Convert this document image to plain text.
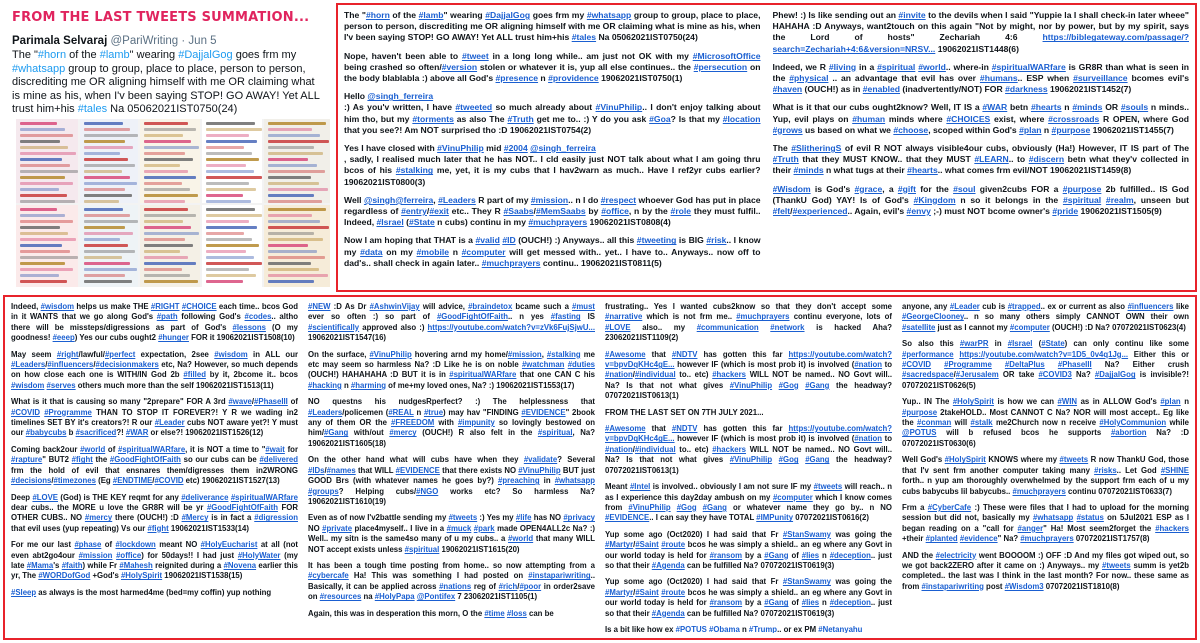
FROM THE LAST TWEETS SUMMATION...
Parimala Selvaraj @PariWriting · Jun 5
The "#horn of the #lamb" wearing #DajjalGog goes frm my #whatsapp group to group, place to place, person to person, discrediting me OR aligning himself with me OR claiming what is mine as his, when I'v been saying STOP! GO AWAY! Yet ALL trust him+his #tales Na 05062021IST0750(24)
The "#horn of the #lamb" wearing #DajjalGog goes frm my #whatsapp group to group, place to place, person to person, discrediting me OR aligning himself with me OR claiming what is mine as his, when I'v been saying STOP! GO AWAY! Yet ALL trust him+his #tales Na 05062021IST0750(24)
Nope, haven't been able to #tweet in a long long while.. am just not OK with my #MicrosoftOffice being crashed so often/#version stolen or whatever it is, yup all else continues.. the #persecution on the body blablabla :) above all God's #presence n #providence 19062021IST0750(1)
Hello @singh_ferreira
:) As you'v written, I have #tweeted so much already about #VinuPhilip.. I don't enjoy talking about him tho, but my #torments as also The #Truth get me to.. :) Y do you ask #Goa? Is that my #location that you see?! Am NOT surprised tho :D 19062021IST0754(2)
Yes I have closed with #VinuPhilip mid #2004 @singh_ferreira
, sadly, I realised much later that he has NOT.. I cld easily just NOT talk about what I am going thru bcos of his #stalking me, yet, it is my cubs that I hav2warn as much.. Have I ref2yr cubs earlier? 19062021IST0800(3)
Well @singh@ferreira, #Leaders R part of my #mission.. n I do #respect whoever God has put in place regardless of #entry/#exit etc.. They R #Saabs/#MemSaabs by #office, n by the #role they must fulfil.. Indeed, #Israel (#State n cubs) continu in my #muchprayers 19062021IST0808(4)
Now I am hoping that THAT is a #valid #ID (OUCH!) :) Anyways.. all this #tweeting is BIG #risk.. I know my #data on my #mobile n #computer will get messed with.. yet.. I have to.. Anyways.. now off to dad's.. shall check in again later.. #muchprayers continu.. 19062021IST0811(5)
Phew! :) Is like sending out an #invite to the devils when I said "Yuppie la I shall check-in later wheee" HAHAHA :D Anyways, want2touch on this again "Not by might, nor by power, but by my spirit, says the Lord of hosts" Zechariah 4:6 https://biblegateway.com/passage/?search=Zechariah+4:6&version=NRSV... 19062021IST1448(6)
Indeed, we R #living in a #spiritual #world.. where-in #spiritualWARfare is GR8R than what is seen in the #physical .. an advantage that evil has over #humans.. ESP when #surveillance bcomes evil's #haven (OUCH!) as in #enabled (inadvertently/NOT) FOR #darkness 19062021IST1452(7)
What is it that our cubs ought2know? Well, IT IS a #WAR betn #hearts n #minds OR #souls n minds.. Yup, evil plays on #human minds where #CHOICES exist, where #crossroads R OPEN, where God #grows us based on what we #choose, scoped within God's #plan n #purpose 19062021IST1455(7)
The #SlitheringS of evil R NOT always visible4our cubs, obviously (Ha!) However, IT IS part of The #Truth that they MUST KNOW.. that they MUST #LEARN.. to #discern betn what they'v collected in their #minds n what tugs at their #hearts.. what comes frm evil/NOT 19062021IST1459(8)
#Wisdom is God's #grace, a #gift for the #soul given2cubs FOR a #purpose 2b fulfilled.. IS God (ThankU God) YAY! Is of God's #Kingdom n so it belongs in the #spiritual #realm, unseen but #felt/#experienced.. Again, evil's #envy ;-) must NOT bcome owner's #pride 19062021IST1505(9)
Indeed, #wisdom helps us make THE #RIGHT #CHOICE each time.. bcos God in it WANTS that we go along God's #path following God's #codes.. altho there will be missteps/digressions as part of God's #lessons (O my goodness! #eeep) Yes our cubs ought2 #hunger FOR it 19062021IST1508(10)
May seem #right/lawful/#perfect expectation, 2see #wisdom in ALL our #Leaders/#influencers/#decisionmakers etc, Na? However, so much depends on how close each one is WITH/IN God 2b #filled by it, 2bcome it.. bcos #wisdom #serves others much more than the self 19062021IST1513(11)
What is it that is causing so many "2prepare" FOR A 3rd #wave/#PhaseIII of #COVID #Programme THAN TO STOP IT FOREVER?! Y R we wading in2 timelines SET BY it's creators?! R our #Leader cubs NOT aware yet?! Y must our #babycubs b #sacrificed?! #WAR or else?! 19062021IST1526(12)
Coming back2our #world of #spiritualWARfare, it is NOT a time to "#wait for #rapture" BUT2 #fight the #GoodFightOfFaith so our cubs can be #delivered frm the hold of evil that ensnares them/digresses them in2WRONG #decisions/#timezones (Eg #ENDTIME/#COVID etc) 19062021IST1527(13)
Deep #LOVE (God) is THE KEY reqmt for any #deliverance #spiritualWARfare dear cubs.. the MORE u love the GR8R will be yr #GoodFightOfFaith FOR OTHER CUBS.. NO #mercy there (OUCH!) :D #Mercy is in fact a #digression that evil uses (yup repeating) Vs our #fight 19062021IST1533(14)
For me our last #phase of #lockdown meant NO #HolyEucharist at all (not even abt2go4our #mission #office) for 50days!! I had just #HolyWater (my late #Mama's #faith) while Fr #Mahesh reignited during a #Novena earlier this yr, The #WORDofGod +God's #HolySpirit 19062021IST1538(15)
#Sleep as always is the most harmed4me (bed=my coffin) yup nothing
#NEW :D As Dr #AshwinVijay will advice, #braindetox bcame such a #must ever so often :) so part of #GoodFightOfFaith.. n yes #fasting IS #scientifically approved also :) https://youtube.com/watch?v=zVk6FujSjwU... 19062021IST1547(16)
On the surface, #VinuPhilip hovering arnd my home/#mission, #stalking me etc may seem so harmless Na? :D Like he is on noble #watchman #duties (OUCH!) HAHAHAHA :D BUT it is in #spiritualWARfare that one CAN C his #hacking n #harming of me+my loved ones, Na? :) 19062021IST1553(17)
NO questns his nudgesRperfect? :) The helplessness that #Leaders/policemen (#REAL n #true) may hav "FINDING #EVIDENCE" 2book any of them OR the #FREEDOM with #impunity so lovingly bestowed on him/#Gang with/out #mercy (OUCH!) R also felt in the #spiritual, Na? 19062021IST1605(18)
On the other hand what will cubs have when they #validate? Several #IDs/#names that WILL #EVIDENCE that there exists NO #VinuPhilip BUT just GOOD Brs (with whatever names he goes by?) #preaching in #whatsapp #groups? Helping cubs/#NGO works etc? So harmless Na? 19062021IST1610(19)
Even as of now I'v2battle sending my #tweets :) Yes my #life has NO #privacy NO #private place4myself.. I live in a #muck #park made OPEN4ALL2c Na? :) Well.. my sitn is the same4so many of u my cubs.. a #world that many WILL NOT accept exists unless #spiritual 19062021IST1615(20)
It has been a tough time posting from home.. so now attempting from a #cybercafe Ha! This was something I had posted on #instapariwriting.. Basically, it can be applied across #nations reg of #rich/#poor in order2save on #resources na #HolyPapa @Pontifex 7 23062021IST1105(1)
Again, this was in desperation this morn, O the #time #loss can be
frustrating.. Yes I wanted cubs2know so that they don't accept some #narrative which is not frm me.. #muchprayers continu everyone, lots of #LOVE also.. my #communication #network is hacked Aha? 23062021IST1109(2)
#Awesome that #NDTV has gotten this far https://youtube.com/watch?v=bpvDqKHc4gE... however IF (which is most prob it) is involved (#nation to #nation/#individual to.. etc) #hackers WILL NOT be named.. NO Govt will.. Na? Is that not what gives #VinuPhilip #Gog #Gang the headway? 07072021IST0613(1)
FROM THE LAST SET ON 7TH JULY 2021...
#Awesome that #NDTV has gotten this far https://youtube.com/watch?v=bpvDqKHc4gE... however IF (which is most prob it) is involved (#nation to #nation/#individual to.. etc) #hackers WILL NOT be named.. NO Govt will.. Na? Is that not what gives #VinuPhilip #Gog #Gang the headway? 07072021IST0613(1)
Meant #Intel is involved.. obviously I am not sure IF my #tweets will reach.. n as I experience this day2day ambush on my #computer which I know comes from #VinuPhilip #Gog #Gang or whatever name they go by.. n NO #EVIDENCE.. I can say they have TOTAL #IMPunity 07072021IST0616(2)
Yup some ago (Oct2020) I had said that Fr #StanSwamy was going the #Martyr/#Saint #route bcos he was simply a shield.. an eg where any Govt in our world today is held for #ransom by a #Gang of #lies n #deception.. just so that their #Agenda can be fulfilled Na? 07072021IST0619(3)
Yup some ago (Oct2020) I had said that Fr #StanSwamy was going the #Martyr/#Saint #route bcos he was simply a shield.. an eg where any Govt in our world today is held for #ransom by a #Gang of #lies n #deception.. just so that their #Agenda can be fulfilled Na? 07072021IST0619(3)
Is a bit like how ex #POTUS #Obama n #Trump.. or ex PM #Netanyahu
anyone, any #Leader cub is #trapped.. ex or current as also #influencers like #GeorgeClooney.. n so many others simply CANNOT OWN their own #satellite just as I cannot my #computer (OUCH!) :D Na? 07072021IST0623(4)
So also this #warPR in #Israel (#State) can only continu like some #performance https://youtube.com/watch?v=1D5_0v4q1Jg... Either this or #COVID #Programme #DeltaPlus #PhaseIII Na? Either crush #sacredspace/#Jerusalem OR take #COVID3 Na? #DajjalGog is invisible?! 07072021IST0626(5)
Yup.. IN The #HolySpirit is how we can #WIN as in ALLOW God's #plan n #purpose 2takeHOLD.. Most CANNOT C Na? NOR will most accept.. Eg like the #conman will #stalk me2Church now n receive #HolyCommunion while @POTUS will b refused bcos he supports #abortion Na? :D 07072021IST0630(6)
Well God's #HolySpirit KNOWS where my #tweets R now ThankU God, those that I'v sent frm another computer taking many #risks.. Let God #SHINE forth.. n yup am thoroughly overwhelmed by the support frm each of u my cubs babycubs lil babycubs.. #muchprayers continu 07072021IST0633(7)
Frm a #CyberCafe :) These were files that I had to upload for the morning session but did not, basically my #whatsapp #status on 5Jul2021 ESP as I began reading on a "call for #anger" Ha! Most seem2forget the #hackers +their #planted #evidence" Na? #muchprayers 07072021IST1757(8)
AND the #electricity went BOOOOM :) OFF :D And my files got wiped out, so we got back2ZERO after it came on :) Anyways.. my #tweets summ is yet2b completed.. the last was I think in the last month? For now.. these same as from #instapariwriting post #Wisdom3 07072021IST1810(8)
